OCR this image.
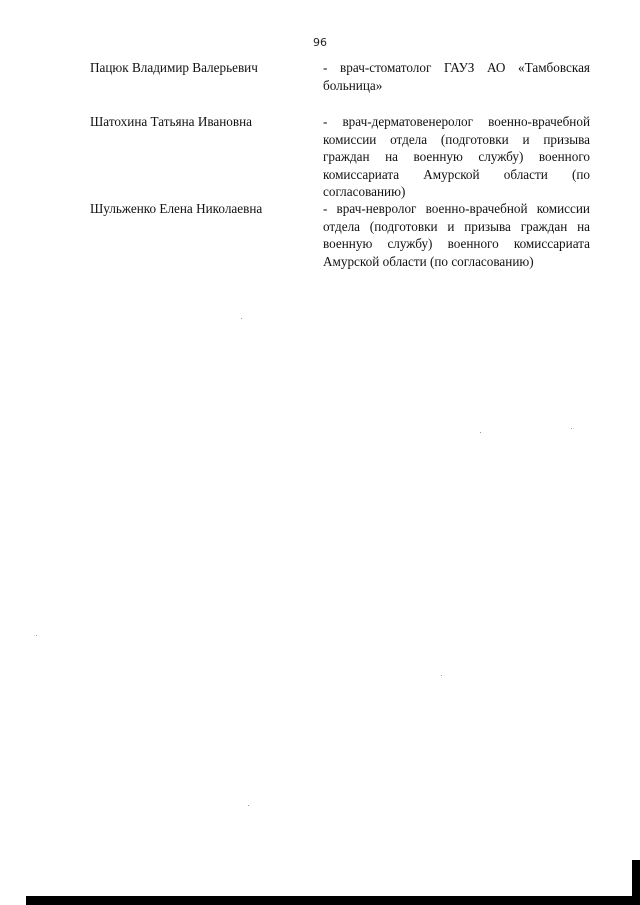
96
Пацюк Владимир Валерьевич	- врач-стоматолог ГАУЗ АО «Тамбовская больница»
Шатохина Татьяна Ивановна	- врач-дерматовенеролог военно-врачебной комиссии отдела (подготовки и призыва граждан на военную службу) военного комиссариата Амурской области (по согласованию)
Шульженко Елена Николаевна	- врач-невролог военно-врачебной комиссии отдела (подготовки и призыва граждан на военную службу) военного комиссариата Амурской области (по согласованию)
